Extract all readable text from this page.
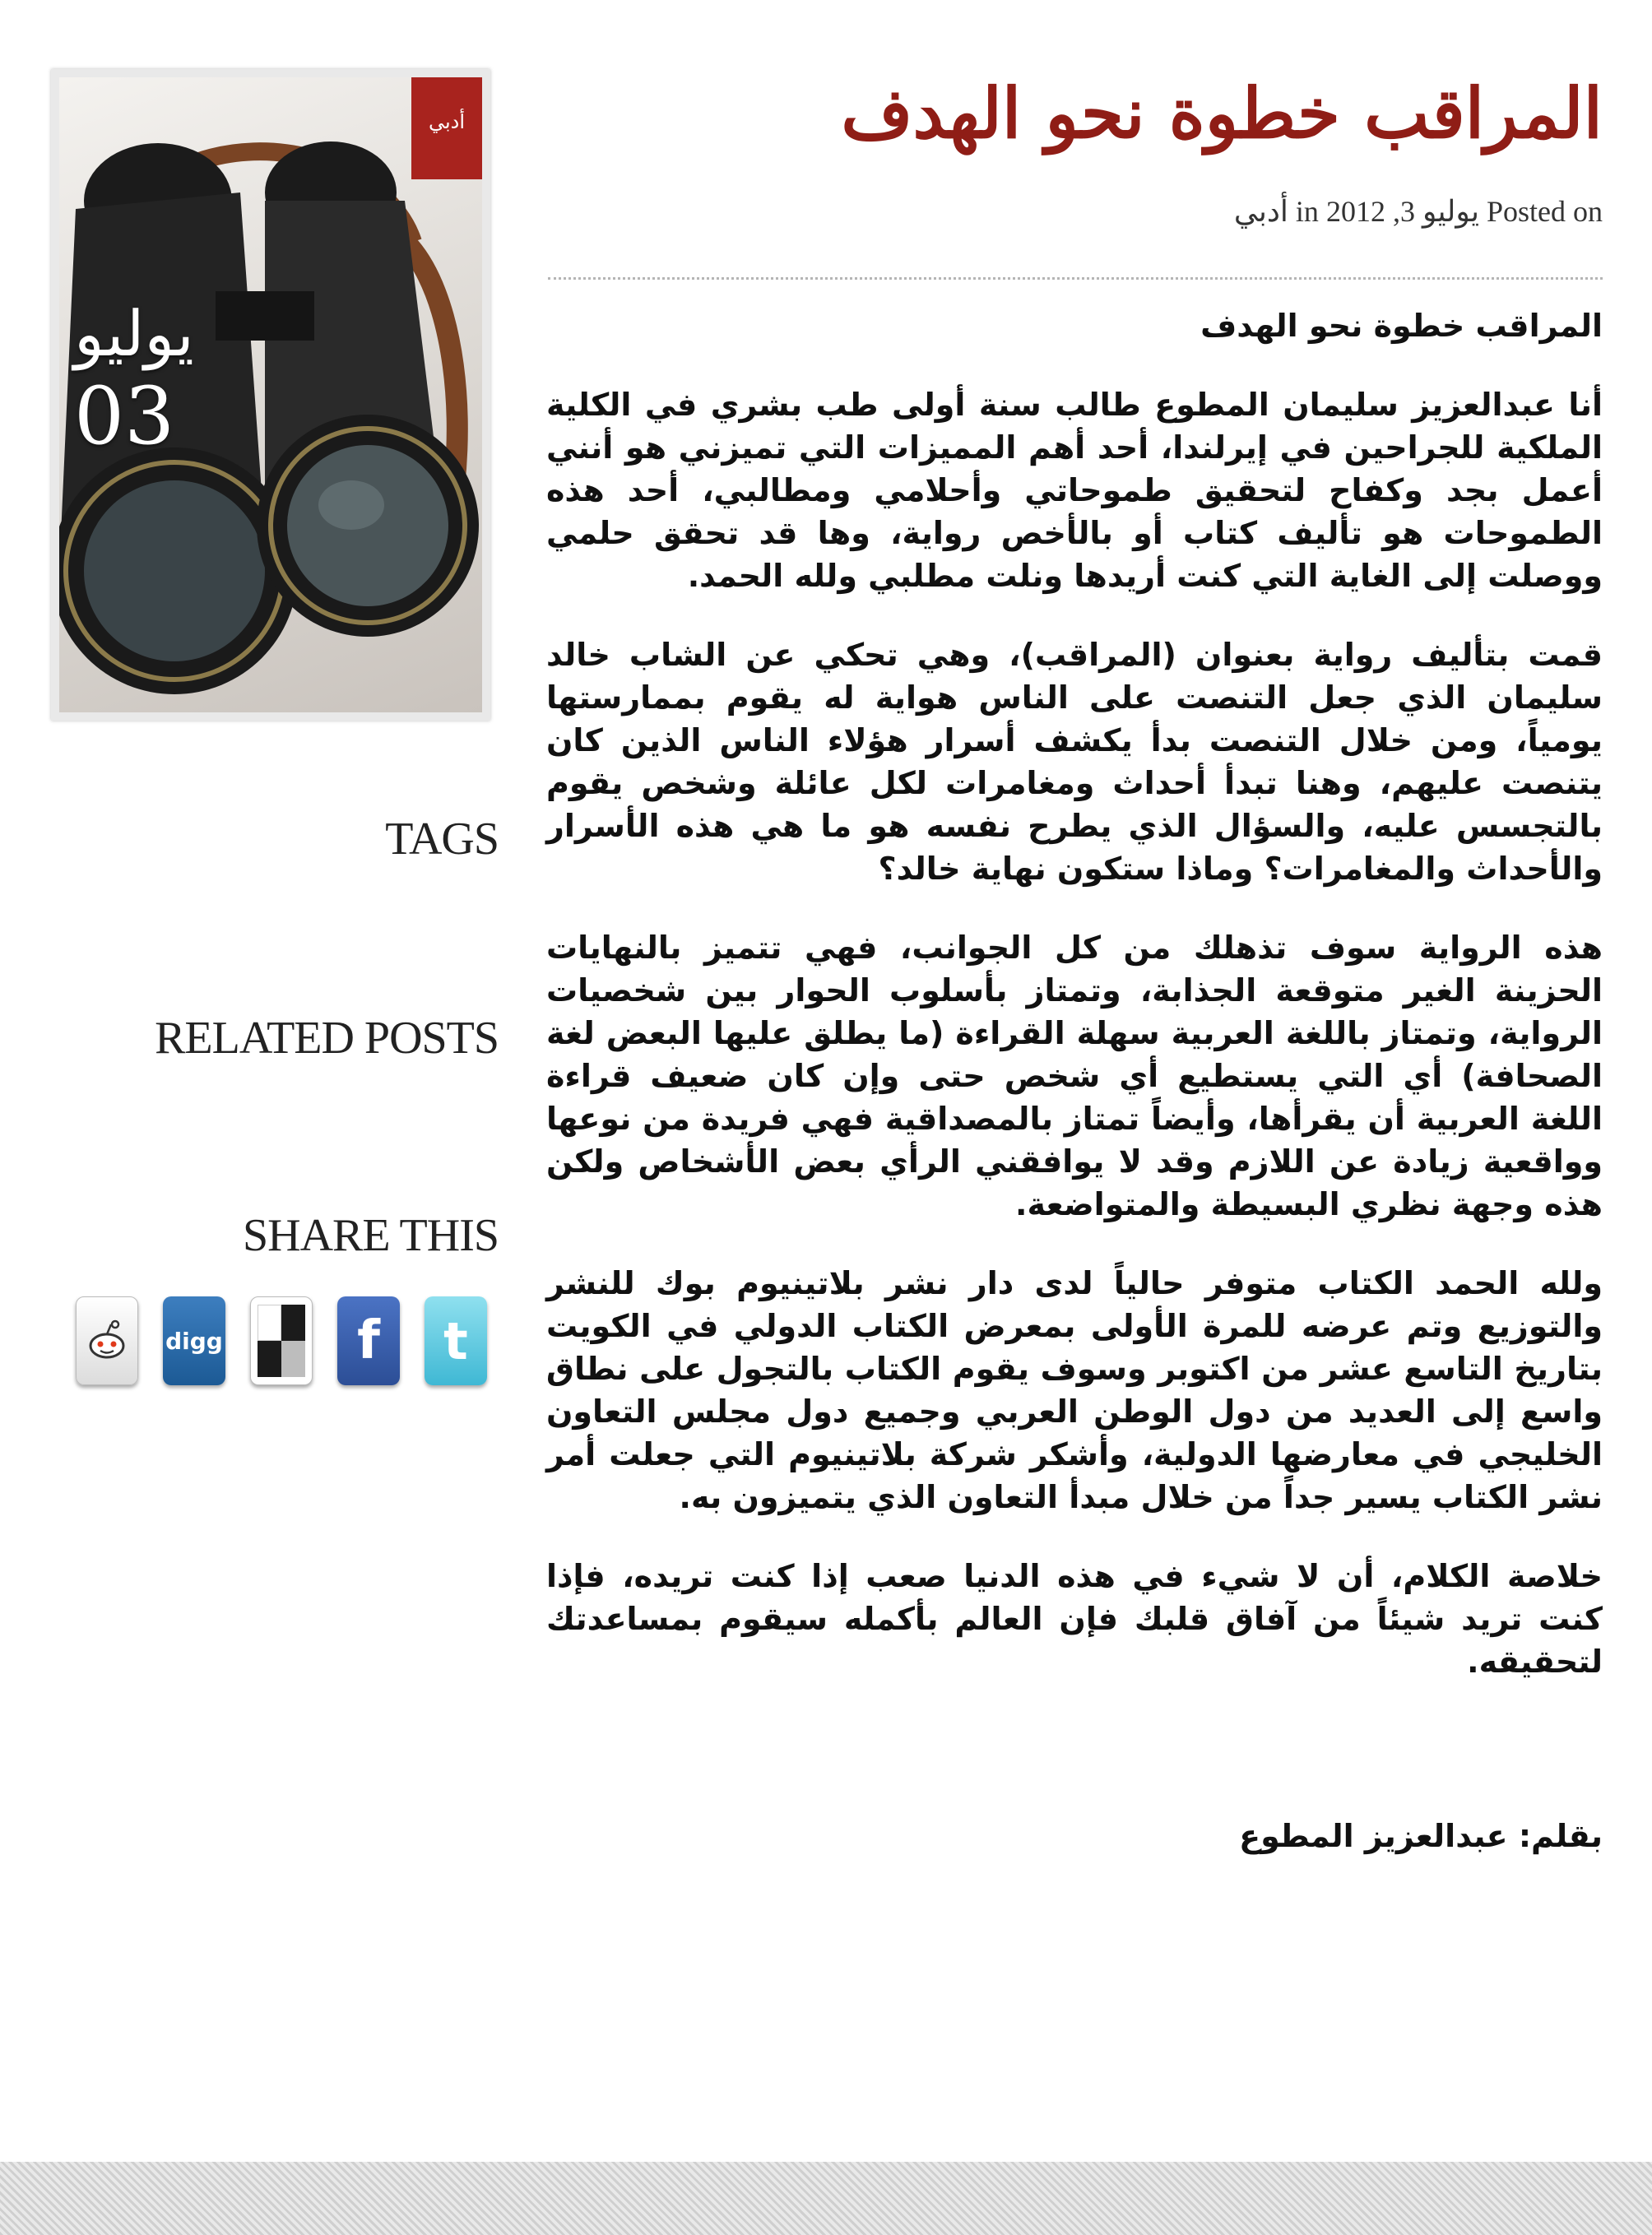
أدبي
يوليو
03
TAGS
RELATED POSTS
SHARE THIS
digg	f	t
المراقب خطوة نحو الهدف
أدبي in يوليو 3, 2012 Posted on

المراقب خطوة نحو الهدف

أنا عبدالعزيز سليمان المطوع طالب سنة أولى طب بشري في الكلية الملكية للجراحين في إيرلندا، أحد أهم المميزات التي تميزني هو أنني أعمل بجد وكفاح لتحقيق طموحاتي وأحلامي ومطالبي، أحد هذه الطموحات هو تأليف كتاب أو بالأخص رواية، وها قد تحقق حلمي ووصلت إلى الغاية التي كنت أريدها ونلت مطلبي ولله الحمد.

قمت بتأليف رواية بعنوان (المراقب)، وهي تحكي عن الشاب خالد سليمان الذي جعل التنصت على الناس هواية له يقوم بممارستها يومياً، ومن خلال التنصت بدأ يكشف أسرار هؤلاء الناس الذين كان يتنصت عليهم، وهنا تبدأ أحداث ومغامرات لكل عائلة وشخص يقوم بالتجسس عليه، والسؤال الذي يطرح نفسه هو ما هي هذه الأسرار والأحداث والمغامرات؟ وماذا ستكون نهاية خالد؟

هذه الرواية سوف تذهلك من كل الجوانب، فهي تتميز بالنهايات الحزينة الغير متوقعة الجذابة، وتمتاز بأسلوب الحوار بين شخصيات الرواية، وتمتاز باللغة العربية سهلة القراءة (ما يطلق عليها البعض لغة الصحافة) أي التي يستطيع أي شخص حتى وإن كان ضعيف قراءة اللغة العربية أن يقرأها، وأيضاً تمتاز بالمصداقية فهي فريدة من نوعها وواقعية زيادة عن اللازم وقد لا يوافقني الرأي بعض الأشخاص ولكن هذه وجهة نظري البسيطة والمتواضعة.

ولله الحمد الكتاب متوفر حالياً لدى دار نشر بلاتينيوم بوك للنشر والتوزيع وتم عرضه للمرة الأولى بمعرض الكتاب الدولي في الكويت بتاريخ التاسع عشر من اكتوبر وسوف يقوم الكتاب بالتجول على نطاق واسع إلى العديد من دول الوطن العربي وجميع دول مجلس التعاون الخليجي في معارضها الدولية، وأشكر شركة بلاتينيوم التي جعلت أمر نشر الكتاب يسير جداً من خلال مبدأ التعاون الذي يتميزون به.

خلاصة الكلام، أن لا شيء في هذه الدنيا صعب إذا كنت تريده، فإذا كنت تريد شيئاً من آفاق قلبك فإن العالم بأكمله سيقوم بمساعدتك لتحقيقه.

بقلم: عبدالعزيز المطوع
